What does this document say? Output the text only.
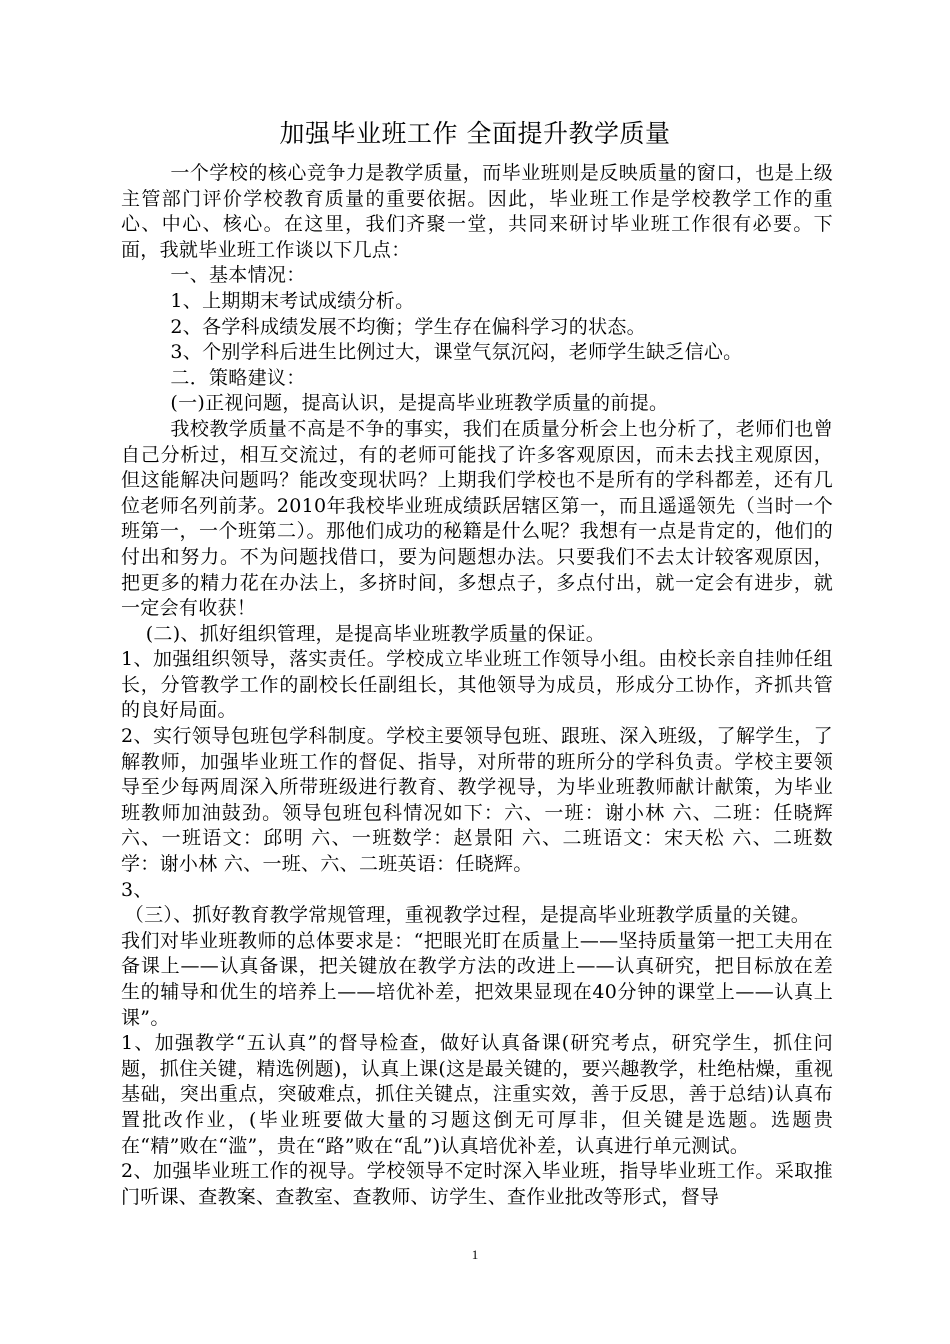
加强毕业班工作 全面提升教学质量

一个学校的核心竞争力是教学质量，而毕业班则是反映质量的窗口，也是上级主管部门评价学校教育质量的重要依据。因此，毕业班工作是学校教学工作的重心、中心、核心。在这里，我们齐聚一堂，共同来研讨毕业班工作很有必要。下面，我就毕业班工作谈以下几点：

一、基本情况：

1、上期期末考试成绩分析。

2、各学科成绩发展不均衡；学生存在偏科学习的状态。

3、个别学科后进生比例过大，课堂气氛沉闷，老师学生缺乏信心。

二．策略建议：

(一)正视问题，提高认识，是提高毕业班教学质量的前提。

我校教学质量不高是不争的事实，我们在质量分析会上也分析了，老师们也曾自己分析过，相互交流过，有的老师可能找了许多客观原因，而未去找主观原因，但这能解决问题吗？能改变现状吗？上期我们学校也不是所有的学科都差，还有几位老师名列前茅。2010年我校毕业班成绩跃居辖区第一，而且遥遥领先（当时一个班第一，一个班第二）。那他们成功的秘籍是什么呢？我想有一点是肯定的，他们的付出和努力。不为问题找借口，要为问题想办法。只要我们不去太计较客观原因，把更多的精力花在办法上，多挤时间，多想点子，多点付出，就一定会有进步，就一定会有收获！

(二)、抓好组织管理，是提高毕业班教学质量的保证。

1、加强组织领导，落实责任。学校成立毕业班工作领导小组。由校长亲自挂帅任组长，分管教学工作的副校长任副组长，其他领导为成员，形成分工协作，齐抓共管的良好局面。

2、实行领导包班包学科制度。学校主要领导包班、跟班、深入班级，了解学生，了解教师，加强毕业班工作的督促、指导，对所带的班所分的学科负责。学校主要领导至少每两周深入所带班级进行教育、教学视导，为毕业班教师献计献策，为毕业班教师加油鼓劲。领导包班包科情况如下：六、一班：谢小林 六、二班：任晓辉 六、一班语文：邱明 六、一班数学：赵景阳 六、二班语文：宋天松 六、二班数学：谢小林 六、一班、六、二班英语：任晓辉。

3、

（三）、抓好教育教学常规管理，重视教学过程，是提高毕业班教学质量的关键。

我们对毕业班教师的总体要求是：“把眼光盯在质量上——坚持质量第一把工夫用在备课上——认真备课，把关键放在教学方法的改进上——认真研究，把目标放在差生的辅导和优生的培养上——培优补差，把效果显现在40分钟的课堂上——认真上课”。

1、加强教学“五认真”的督导检查，做好认真备课(研究考点，研究学生，抓住问题，抓住关键，精选例题)，认真上课(这是最关键的，要兴趣教学，杜绝枯燥，重视基础，突出重点，突破难点，抓住关键点，注重实效，善于反思，善于总结)认真布置批改作业，(毕业班要做大量的习题这倒无可厚非，但关键是选题。选题贵在“精”败在“滥”，贵在“路”败在“乱”)认真培优补差，认真进行单元测试。

2、加强毕业班工作的视导。学校领导不定时深入毕业班，指导毕业班工作。采取推门听课、查教案、查教室、查教师、访学生、查作业批改等形式，督导

1
